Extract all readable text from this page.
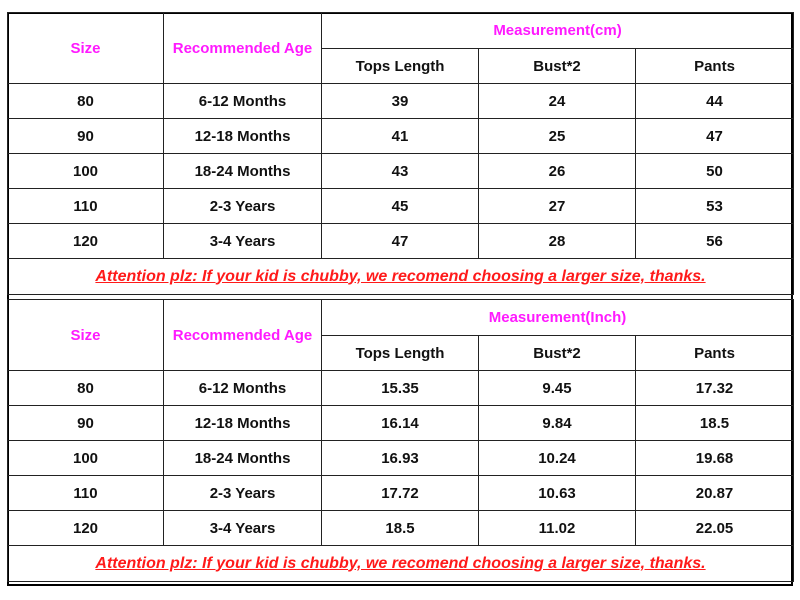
Size	Recommended Age	Measurement(cm)		
		Tops Length	Bust*2	Pants
80	6-12 Months	39	24	44
90	12-18 Months	41	25	47
100	18-24 Months	43	26	50
110	2-3 Years	45	27	53
120	3-4 Years	47	28	56
Attention plz: If your kid is chubby, we recomend choosing a larger size, thanks.				
Size	Recommended Age	Measurement(Inch)		
		Tops Length	Bust*2	Pants
80	6-12 Months	15.35	9.45	17.32
90	12-18 Months	16.14	9.84	18.5
100	18-24 Months	16.93	10.24	19.68
110	2-3 Years	17.72	10.63	20.87
120	3-4 Years	18.5	11.02	22.05
Attention plz: If your kid is chubby, we recomend choosing a larger size, thanks.				
